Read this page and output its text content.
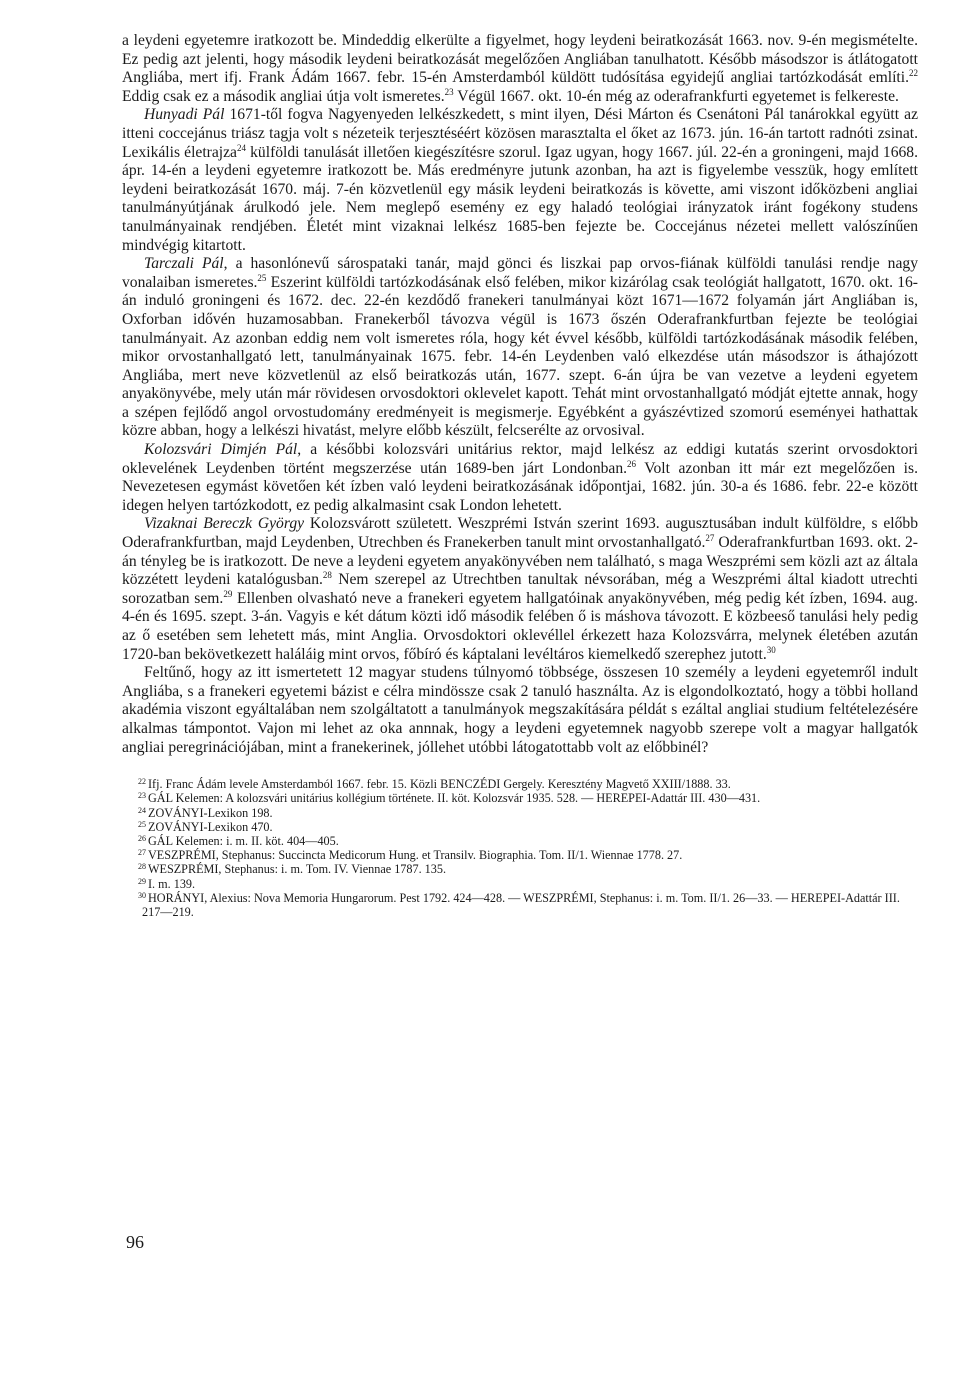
a leydeni egyetemre iratkozott be. Mindeddig elkerülte a figyelmet, hogy leydeni beiratkozását 1663. nov. 9-én megismételte. Ez pedig azt jelenti, hogy második leydeni beiratkozását megelőzően Angliában tanulhatott. Később másodszor is átlátogatott Angliába, mert ifj. Frank Ádám 1667. febr. 15-én Amsterdamból küldött tudósítása egyidejű angliai tartózkodását említi.$^{22}$ Eddig csak ez a második angliai útja volt ismeretes.$^{23}$ Végül 1667. okt. 10-én még az oderafrankfurti egyetemet is felkereste.

Hunyadi Pál 1671-től fogva Nagyenyeden lelkészkedett, s mint ilyen, Dési Márton és Csenátoni Pál tanárokkal együtt az itteni coccejánus triász tagja volt s nézeteik terjesztéséért közösen marasztalta el őket az 1673. jún. 16-án tartott radnóti zsinat. Lexikális életrajza$^{24}$ külföldi tanulását illetően kiegészítésre szorul. Igaz ugyan, hogy 1667. júl. 22-én a groningeni, majd 1668. ápr. 14-én a leydeni egyetemre iratkozott be. Más eredményre jutunk azonban, ha azt is figyelembe vesszük, hogy említett leydeni beiratkozását 1670. máj. 7-én közvetlenül egy másik leydeni beiratkozás is követte, ami viszont időközbeni angliai tanulmányútjának árulkodó jele. Nem meglepő esemény ez egy haladó teológiai irányzatok iránt fogékony studens tanulmányainak rendjében. Életét mint vizaknai lelkész 1685-ben fejezte be. Coccejánus nézetei mellett valószínűen mindvégig kitartott.

Tarczali Pál, a hasonlónevű sárospataki tanár, majd gönci és liszkai pap orvos-fiának külföldi tanulási rendje nagy vonalaiban ismeretes.$^{25}$ Eszerint külföldi tartózkodásának első felében, mikor kizárólag csak teológiát hallgatott, 1670. okt. 16-án induló groningeni és 1672. dec. 22-én kezdődő franekeri tanulmányai közt 1671—1672 folyamán járt Angliában is, Oxforban idővén huzamosabban. Franekerből távozva végül is 1673 őszén Oderafrankfurtban fejezte be teológiai tanulmányait. Az azonban eddig nem volt ismeretes róla, hogy két évvel később, külföldi tartózkodásának második felében, mikor orvostanhallgató lett, tanulmányainak 1675. febr. 14-én Leydenben való elkezdése után másodszor is áthajózott Angliába, mert neve közvetlenül az első beiratkozás után, 1677. szept. 6-án újra be van vezetve a leydeni egyetem anyakönyvébe, mely után már rövidesen orvosdoktori oklevelet kapott. Tehát mint orvostanhallgató módját ejtette annak, hogy a szépen fejlődő angol orvostudomány eredményeit is megismerje. Egyébként a gyászévtized szomorú eseményei hathattak közre abban, hogy a lelkészi hivatást, melyre előbb készült, felcserélte az orvosival.

Kolozsvári Dimjén Pál, a későbbi kolozsvári unitárius rektor, majd lelkész az eddigi kutatás szerint orvosdoktori oklevelének Leydenben történt megszerzése után 1689-ben járt Londonban.$^{26}$ Volt azonban itt már ezt megelőzően is. Nevezetesen egymást követően két ízben való leydeni beiratkozásának időpontjai, 1682. jún. 30-a és 1686. febr. 22-e között idegen helyen tartózkodott, ez pedig alkalmasint csak London lehetett.

Vizaknai Bereczk György Kolozsvárott született. Weszprémi István szerint 1693. augusztusában indult külföldre, s előbb Oderafrankfurtban, majd Leydenben, Utrechben és Franekerben tanult mint orvostanhallgató.$^{27}$ Oderafrankfurtban 1693. okt. 2-án tényleg be is iratkozott. De neve a leydeni egyetem anyakönyvében nem található, s maga Weszprémi sem közli azt az általa közzétett leydeni katalógusban.$^{28}$ Nem szerepel az Utrechtben tanultak névsorában, még a Weszprémi által kiadott utrechti sorozatban sem.$^{29}$ Ellenben olvasható neve a franekeri egyetem hallgatóinak anyakönyvében, még pedig két ízben, 1694. aug. 4-én és 1695. szept. 3-án. Vagyis e két dátum közti idő második felében ő is máshova távozott. E közbeeső tanulási hely pedig az ő esetében sem lehetett más, mint Anglia. Orvosdoktori oklevéllel érkezett haza Kolozsvárra, melynek életében azután 1720-ban bekövetkezett haláláig mint orvos, főbíró és káptalani levéltáros kiemelkedő szerephez jutott.$^{30}$

Feltűnő, hogy az itt ismertetett 12 magyar studens túlnyomó többsége, összesen 10 személy a leydeni egyetemről indult Angliába, s a franekeri egyetemi bázist e célra mindössze csak 2 tanuló használta. Az is elgondolkoztató, hogy a többi holland akadémia viszont egyáltalában nem szolgáltatott a tanulmányok megszakítására példát s ezáltal angliai studium feltételezésére alkalmas támpontot. Vajon mi lehet az oka annnak, hogy a leydeni egyetemnek nagyobb szerepe volt a magyar hallgatók angliai peregrinációjában, mint a franekerinek, jóllehet utóbbi látogatottabb volt az előbbinél?

$^{22}$ Ifj. Franc Ádám levele Amsterdamból 1667. febr. 15. Közli BENCZÉDI Gergely. Keresztény Magvető XXIII/1888. 33.

$^{23}$ GÁL Kelemen: A kolozsvári unitárius kollégium története. II. köt. Kolozsvár 1935. 528. — HEREPEI-Adattár III. 430—431.

$^{24}$ ZOVÁNYI-Lexikon 198.

$^{25}$ ZOVÁNYI-Lexikon 470.

$^{26}$ GÁL Kelemen: i. m. II. köt. 404—405.

$^{27}$ VESZPRÉMI, Stephanus: Succincta Medicorum Hung. et Transilv. Biographia. Tom. II/1. Wiennae 1778. 27.

$^{28}$ WESZPRÉMI, Stephanus: i. m. Tom. IV. Viennae 1787. 135.

$^{29}$ I. m. 139.

$^{30}$ HORÁNYI, Alexius: Nova Memoria Hungarorum. Pest 1792. 424—428. — WESZPRÉMI, Stephanus: i. m. Tom. II/1. 26—33. — HEREPEI-Adattár III. 217—219.

96
